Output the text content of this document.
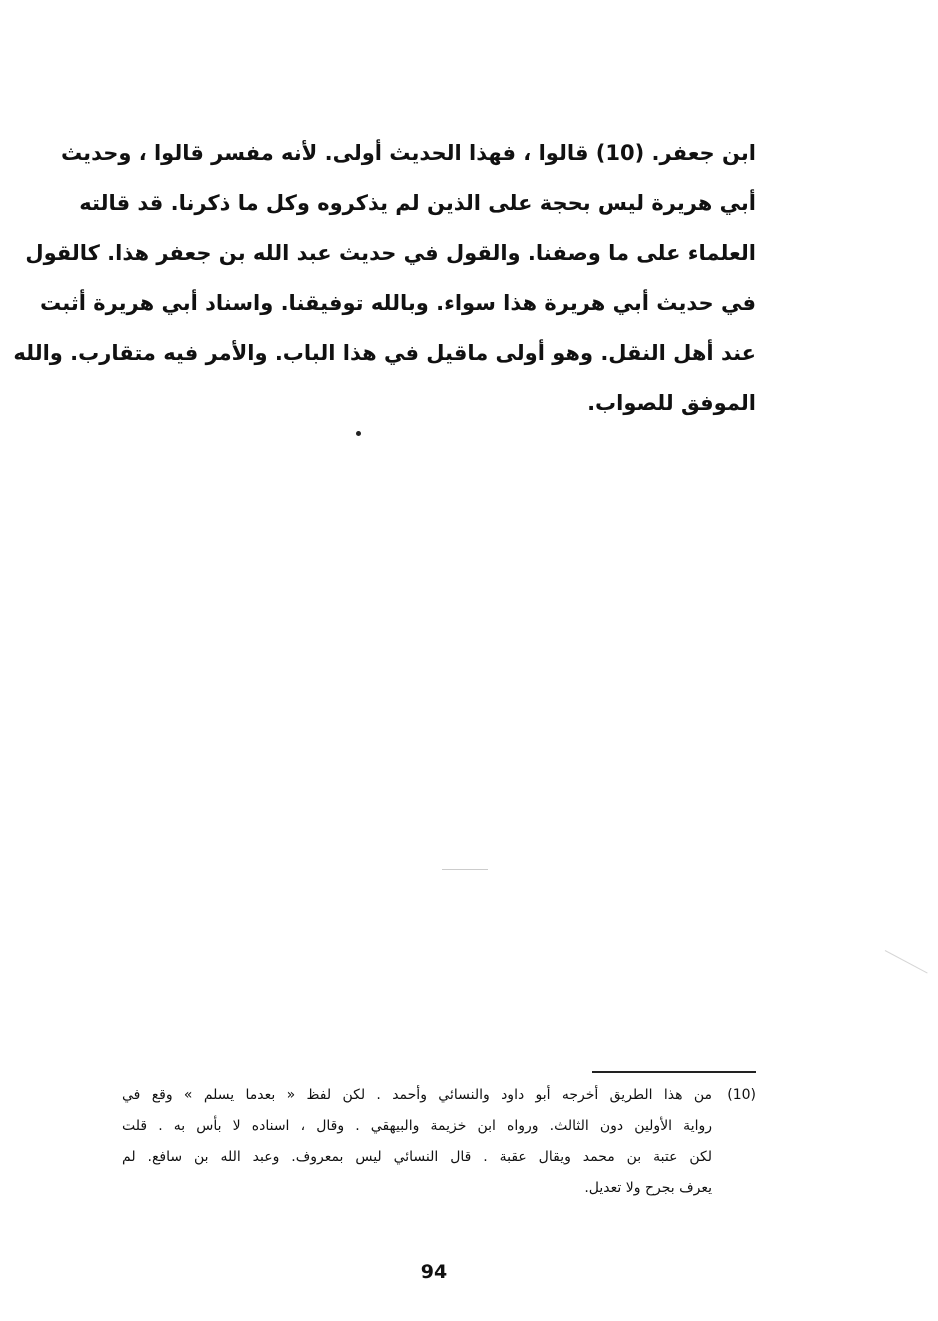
ابن جعفر. (10) قالوا ، فهذا الحديث أولى. لأنه مفسر قالوا ، وحديث
أبي هريرة ليس بحجة على الذين لم يذكروه وكل ما ذكرنا. قد قالته
العلماء على ما وصفنا. والقول في حديث عبد الله بن جعفر هذا. كالقول
في حديث أبي هريرة هذا سواء. وبالله توفيقنا. واسناد أبي هريرة أثبت
عند أهل النقل. وهو أولى ماقيل في هذا الباب. والأمر فيه متقارب. والله
الموفق للصواب.
(10)
من هذا الطريق أخرجه أبو داود والنسائي وأحمد . لكن لفظ « بعدما يسلم » وقع في
رواية الأولين دون الثالث. ورواه ابن خزيمة والبيهقي . وقال ، اسناده لا بأس به . قلت
لكن عتبة بن محمد ويقال عقبة . قال النسائي ليس بمعروف. وعبد الله بن سافع. لم
يعرف بجرح ولا تعديل.
94
